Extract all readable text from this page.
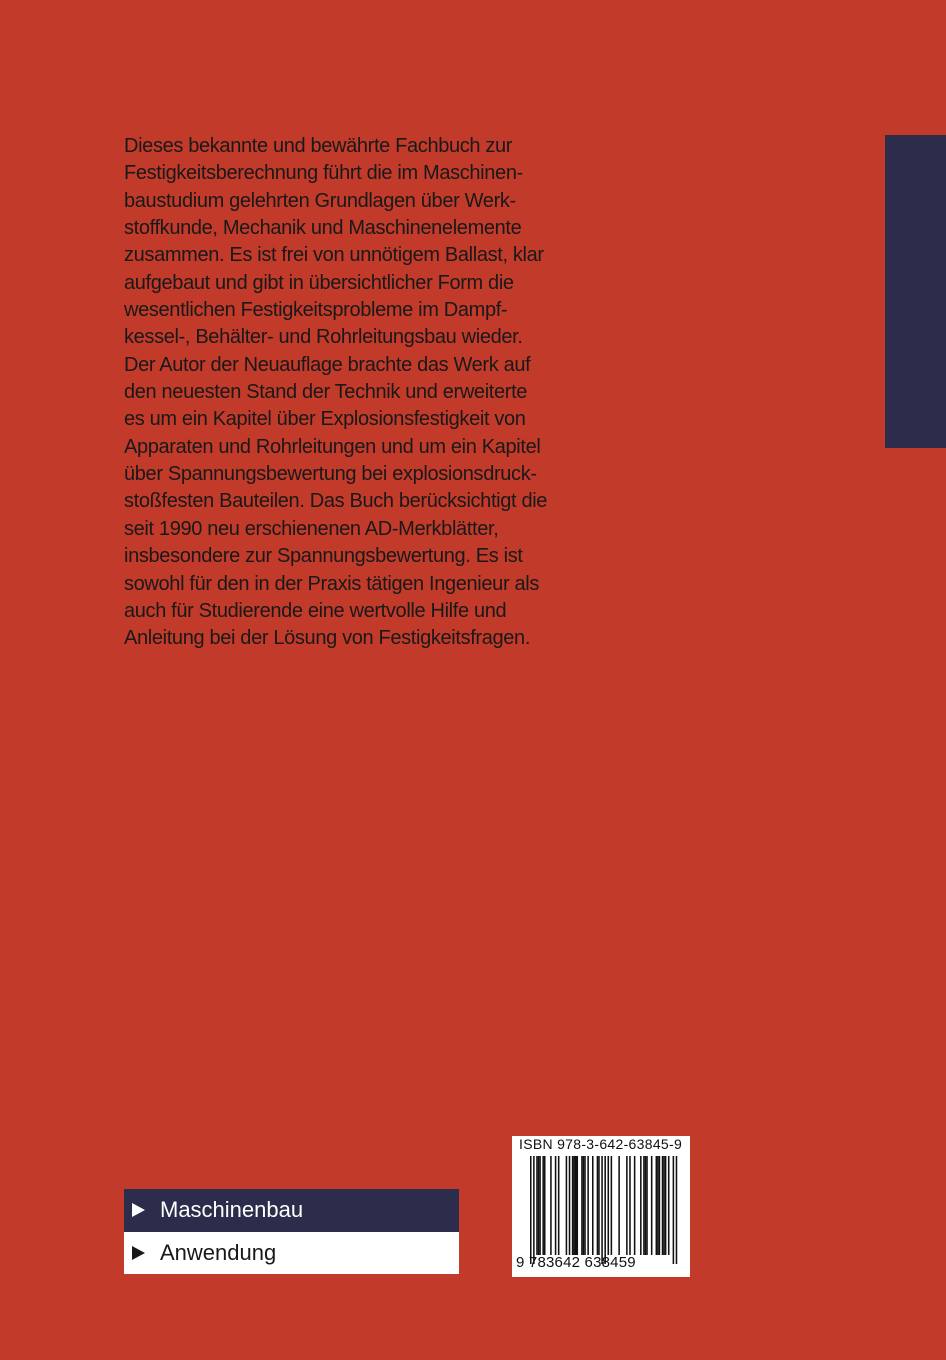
Dieses bekannte und bewährte Fachbuch zur
Festigkeitsberechnung führt die im Maschinen-
baustudium gelehrten Grundlagen über Werk-
stoffkunde, Mechanik und Maschinenelemente
zusammen. Es ist frei von unnötigem Ballast, klar
aufgebaut und gibt in übersichtlicher Form die
wesentlichen Festigkeitsprobleme im Dampf-
kessel-, Behälter- und Rohrleitungsbau wieder.
Der Autor der Neuauflage brachte das Werk auf
den neuesten Stand der Technik und erweiterte
es um ein Kapitel über Explosionsfestigkeit von
Apparaten und Rohrleitungen und um ein Kapitel
über Spannungsbewertung bei explosionsdruck-
stoßfesten Bauteilen. Das Buch berücksichtigt die
seit 1990 neu erschienenen AD-Merkblätter,
insbesondere zur Spannungsbewertung. Es ist
sowohl für den in der Praxis tätigen Ingenieur als
auch für Studierende eine wertvolle Hilfe und
Anleitung bei der Lösung von Festigkeitsfragen.

Maschinenbau
Anwendung
ISBN 978-3-642-63845-9
9 783642 638459
